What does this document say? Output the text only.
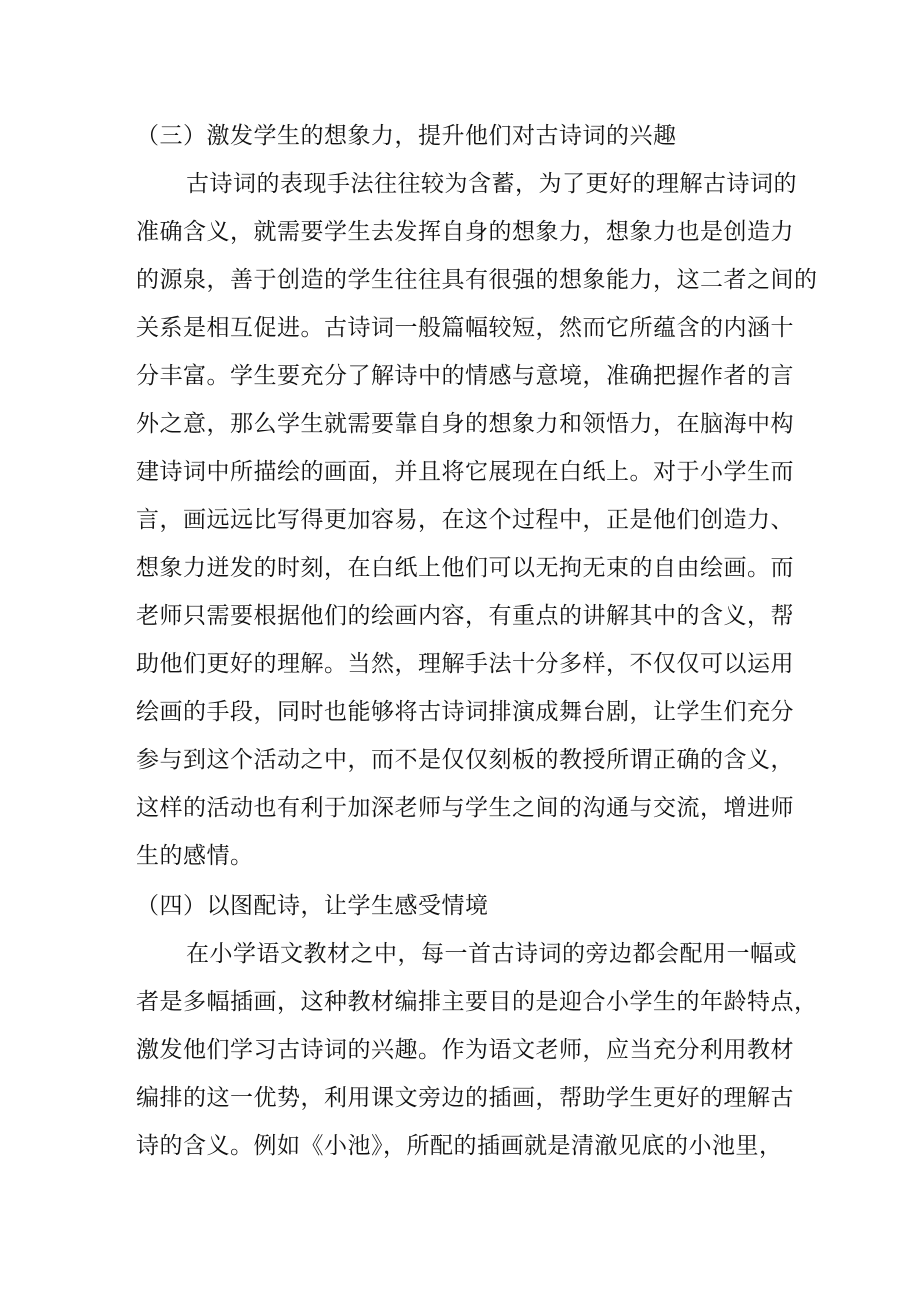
（三）激发学生的想象力，提升他们对古诗词的兴趣
古诗词的表现手法往往较为含蓄，为了更好的理解古诗词的
准确含义，就需要学生去发挥自身的想象力，想象力也是创造力
的源泉，善于创造的学生往往具有很强的想象能力，这二者之间的
关系是相互促进。古诗词一般篇幅较短，然而它所蕴含的内涵十
分丰富。学生要充分了解诗中的情感与意境，准确把握作者的言
外之意，那么学生就需要靠自身的想象力和领悟力，在脑海中构
建诗词中所描绘的画面，并且将它展现在白纸上。对于小学生而
言，画远远比写得更加容易，在这个过程中，正是他们创造力、
想象力迸发的时刻，在白纸上他们可以无拘无束的自由绘画。而
老师只需要根据他们的绘画内容，有重点的讲解其中的含义，帮
助他们更好的理解。当然，理解手法十分多样，不仅仅可以运用
绘画的手段，同时也能够将古诗词排演成舞台剧，让学生们充分
参与到这个活动之中，而不是仅仅刻板的教授所谓正确的含义，
这样的活动也有利于加深老师与学生之间的沟通与交流，增进师
生的感情。
（四）以图配诗，让学生感受情境
在小学语文教材之中，每一首古诗词的旁边都会配用一幅或
者是多幅插画，这种教材编排主要目的是迎合小学生的年龄特点，
激发他们学习古诗词的兴趣。作为语文老师，应当充分利用教材
编排的这一优势，利用课文旁边的插画，帮助学生更好的理解古
诗的含义。例如《小池》，所配的插画就是清澈见底的小池里，
